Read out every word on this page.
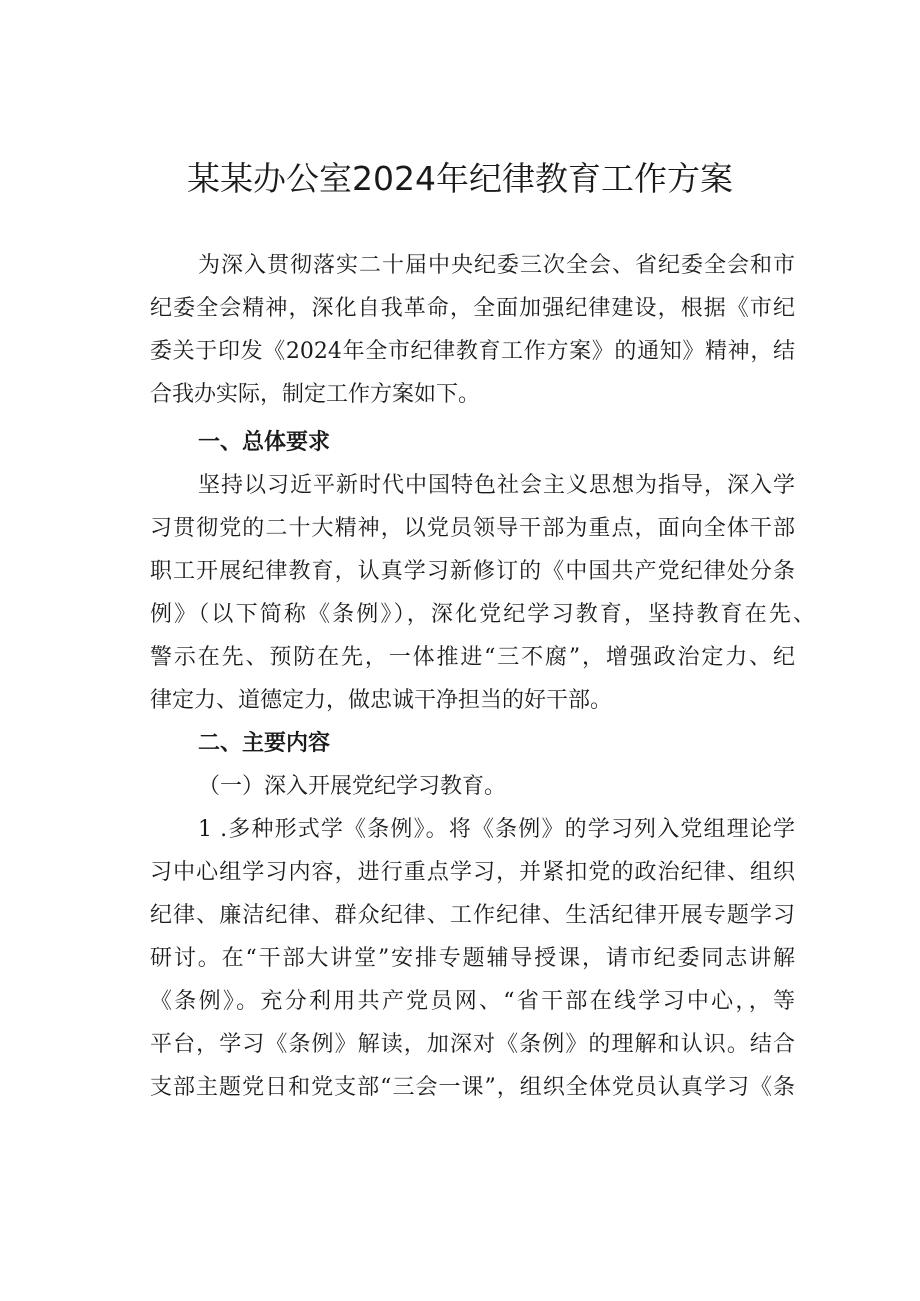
某某办公室2024年纪律教育工作方案
为深入贯彻落实二十届中央纪委三次全会、省纪委全会和市
纪委全会精神，深化自我革命，全面加强纪律建设，根据《市纪
委关于印发《2024年全市纪律教育工作方案》的通知》精神，结
合我办实际，制定工作方案如下。
一、总体要求
坚持以习近平新时代中国特色社会主义思想为指导，深入学
习贯彻党的二十大精神，以党员领导干部为重点，面向全体干部
职工开展纪律教育，认真学习新修订的《中国共产党纪律处分条
例》（以下简称《条例》），深化党纪学习教育，坚持教育在先、
警示在先、预防在先，一体推进“三不腐”，增强政治定力、纪
律定力、道德定力，做忠诚干净担当的好干部。
二、主要内容
（一）深入开展党纪学习教育。
1 .多种形式学《条例》。将《条例》的学习列入党组理论学
习中心组学习内容，进行重点学习，并紧扣党的政治纪律、组织
纪律、廉洁纪律、群众纪律、工作纪律、生活纪律开展专题学习
研讨。在“干部大讲堂”安排专题辅导授课，请市纪委同志讲解
《条例》。充分利用共产党员网、“省干部在线学习中心，，等
平台，学习《条例》解读，加深对《条例》的理解和认识。结合
支部主题党日和党支部“三会一课”，组织全体党员认真学习《条
